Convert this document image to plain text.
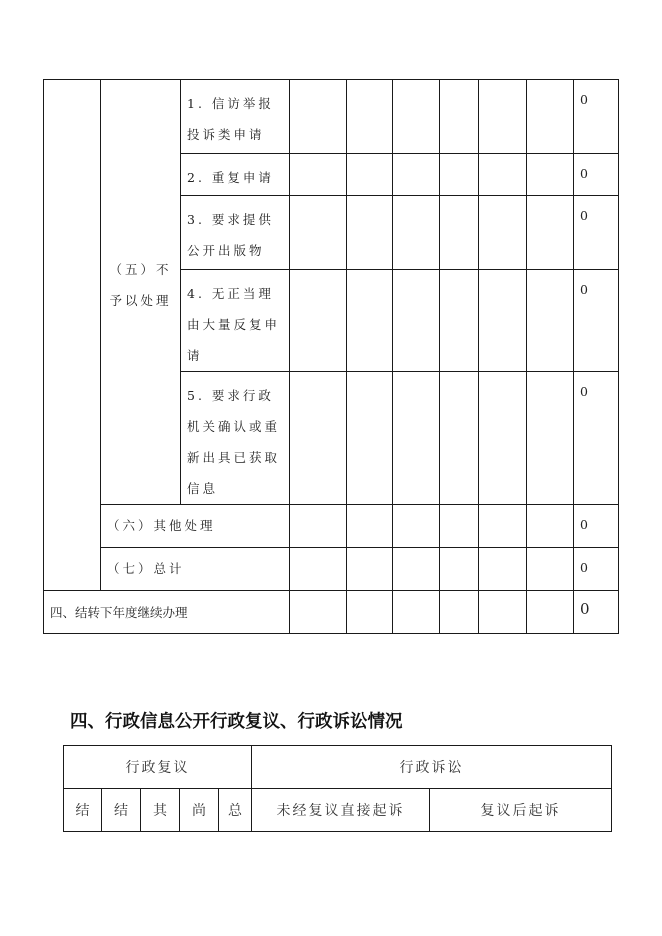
	（五）不予以处理	1. 信访举报投诉类申请							0
		2. 重复申请							0
		3. 要求提供公开出版物							0
		4. 无正当理由大量反复申请							0
		5. 要求行政机关确认或重新出具已获取信息							0
	（六）其他处理								0
	（七）总计								0
四、结转下年度继续办理									0
四、行政信息公开行政复议、行政诉讼情况
行政复议					行政诉讼	
结	结	其	尚	总	未经复议直接起诉	复议后起诉
